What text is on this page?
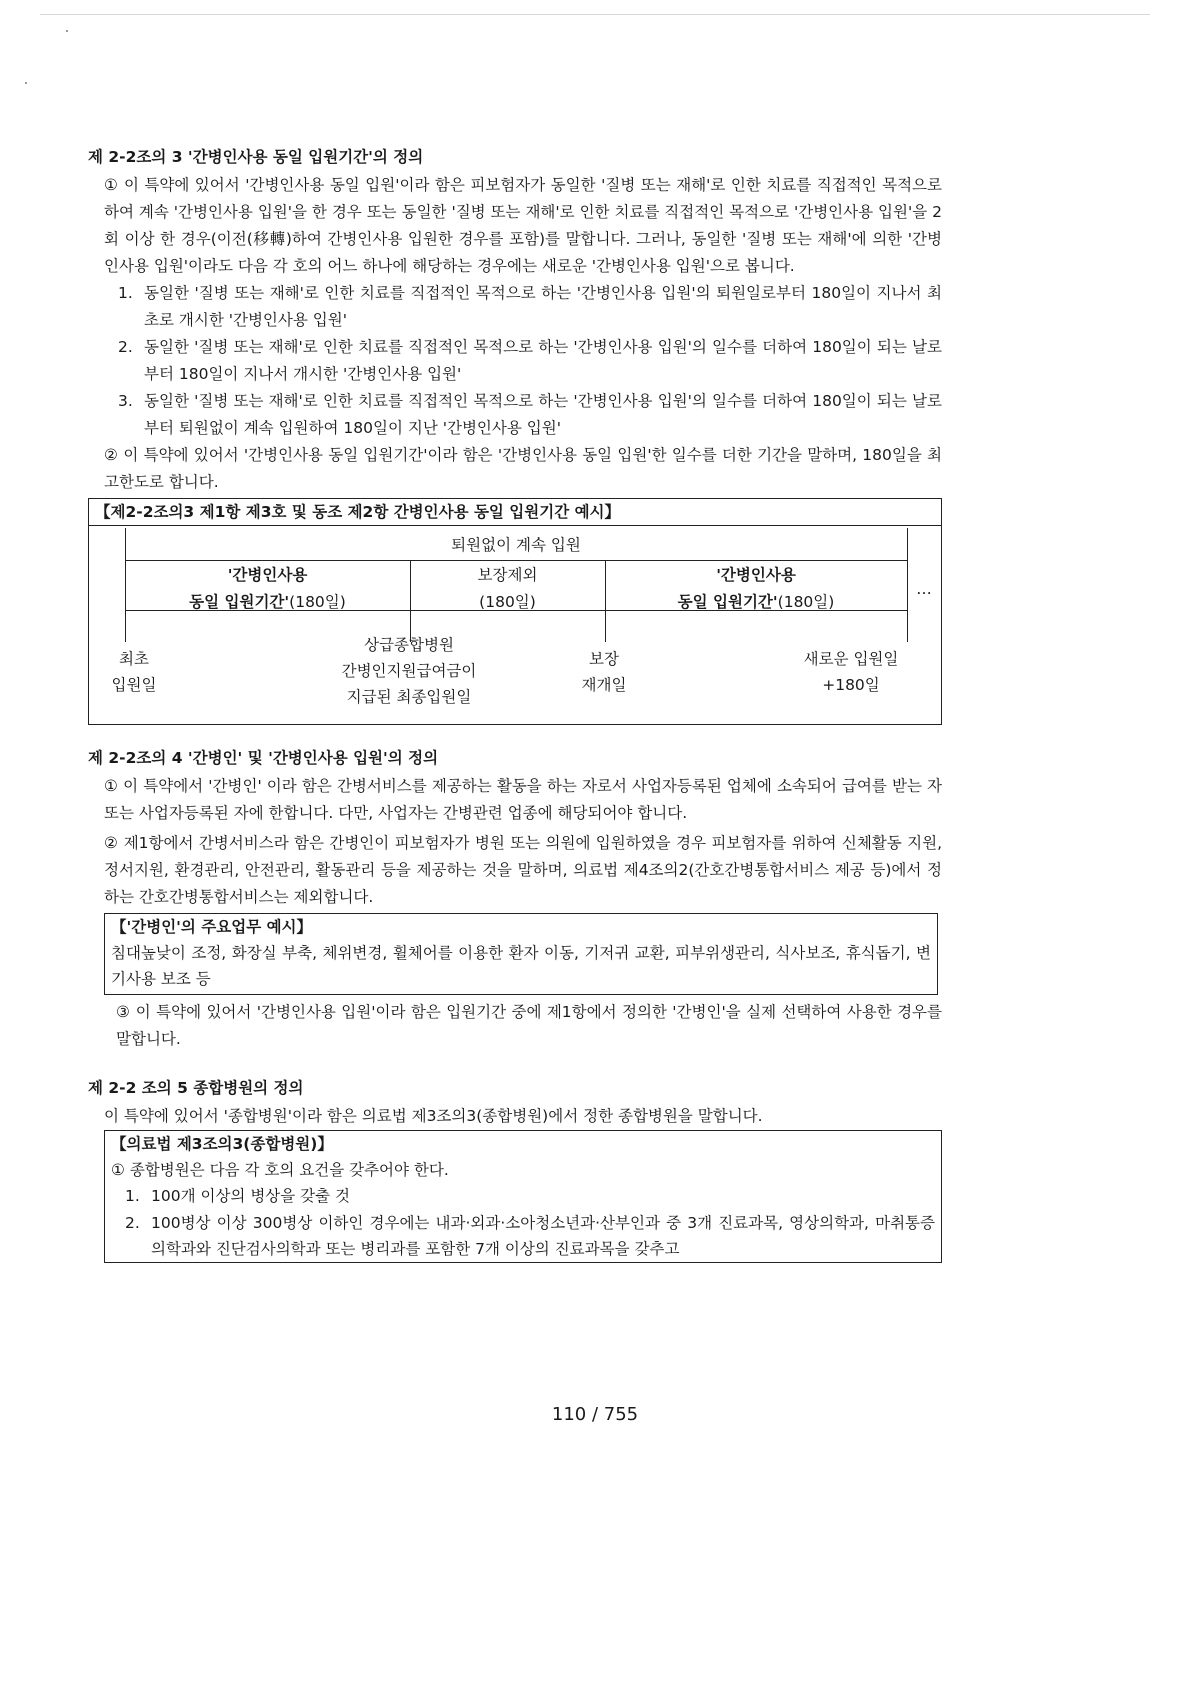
제 2-2조의 3 '간병인사용 동일 입원기간'의 정의

① 이 특약에 있어서 '간병인사용 동일 입원'이라 함은 피보험자가 동일한 '질병 또는 재해'로 인한 치료를 직접적인 목적으로 하여 계속 '간병인사용 입원'을 한 경우 또는 동일한 '질병 또는 재해'로 인한 치료를 직접적인 목적으로 '간병인사용 입원'을 2회 이상 한 경우(이전(移轉)하여 간병인사용 입원한 경우를 포함)를 말합니다. 그러나, 동일한 '질병 또는 재해'에 의한 '간병인사용 입원'이라도 다음 각 호의 어느 하나에 해당하는 경우에는 새로운 '간병인사용 입원'으로 봅니다.

1. 동일한 '질병 또는 재해'로 인한 치료를 직접적인 목적으로 하는 '간병인사용 입원'의 퇴원일로부터 180일이 지나서 최초로 개시한 '간병인사용 입원'
2. 동일한 '질병 또는 재해'로 인한 치료를 직접적인 목적으로 하는 '간병인사용 입원'의 일수를 더하여 180일이 되는 날로부터 180일이 지나서 개시한 '간병인사용 입원'
3. 동일한 '질병 또는 재해'로 인한 치료를 직접적인 목적으로 하는 '간병인사용 입원'의 일수를 더하여 180일이 되는 날로부터 퇴원없이 계속 입원하여 180일이 지난 '간병인사용 입원'

② 이 특약에 있어서 '간병인사용 동일 입원기간'이라 함은 '간병인사용 동일 입원'한 일수를 더한 기간을 말하며, 180일을 최고한도로 합니다.

【제2-2조의3 제1항 제3호 및 동조 제2항 간병인사용 동일 입원기간 예시】
퇴원없이 계속 입원
'간병인사용
동일 입원기간'(180일)
보장제외
(180일)
'간병인사용
동일 입원기간'(180일)
…
최초
입원일
상급종합병원
간병인지원급여금이
지급된 최종입원일
보장
재개일
새로운 입원일
+180일
제 2-2조의 4 '간병인' 및 '간병인사용 입원'의 정의

① 이 특약에서 '간병인' 이라 함은 간병서비스를 제공하는 활동을 하는 자로서 사업자등록된 업체에 소속되어 급여를 받는 자 또는 사업자등록된 자에 한합니다. 다만, 사업자는 간병관련 업종에 해당되어야 합니다.

② 제1항에서 간병서비스라 함은 간병인이 피보험자가 병원 또는 의원에 입원하였을 경우 피보험자를 위하여 신체활동 지원, 정서지원, 환경관리, 안전관리, 활동관리 등을 제공하는 것을 말하며, 의료법 제4조의2(간호간병통합서비스 제공 등)에서 정하는 간호간병통합서비스는 제외합니다.

【'간병인'의 주요업무 예시】

침대높낮이 조정, 화장실 부축, 체위변경, 휠체어를 이용한 환자 이동, 기저귀 교환, 피부위생관리, 식사보조, 휴식돕기, 변기사용 보조 등

③ 이 특약에 있어서 '간병인사용 입원'이라 함은 입원기간 중에 제1항에서 정의한 '간병인'을 실제 선택하여 사용한 경우를 말합니다.

제 2-2 조의 5 종합병원의 정의

이 특약에 있어서 '종합병원'이라 함은 의료법 제3조의3(종합병원)에서 정한 종합병원을 말합니다.

【의료법 제3조의3(종합병원)】

① 종합병원은 다음 각 호의 요건을 갖추어야 한다.

1. 100개 이상의 병상을 갖출 것
2. 100병상 이상 300병상 이하인 경우에는 내과·외과·소아청소년과·산부인과 중 3개 진료과목, 영상의학과, 마취통증의학과와 진단검사의학과 또는 병리과를 포함한 7개 이상의 진료과목을 갖추고
110 / 755
